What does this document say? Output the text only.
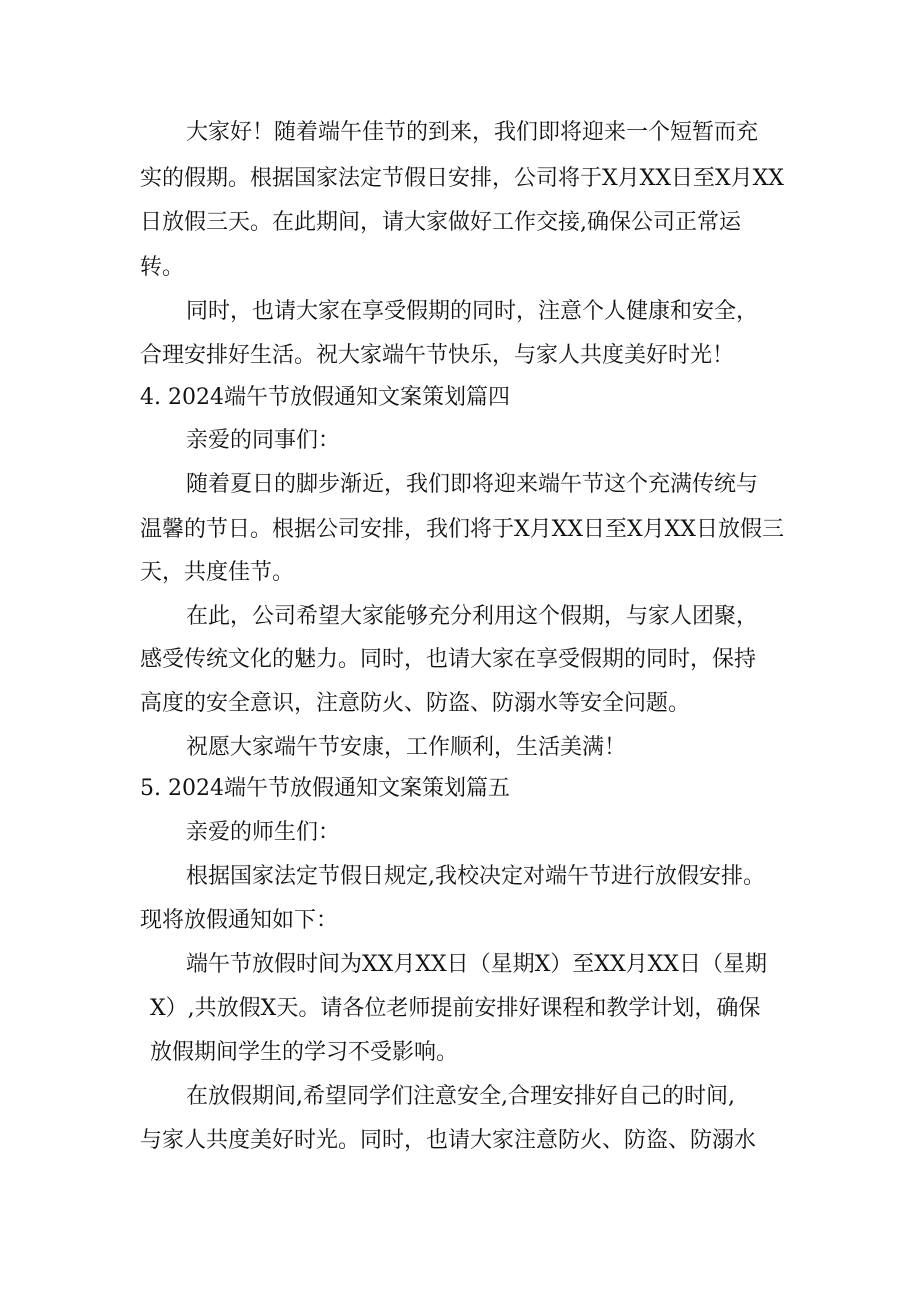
大家好！随着端午佳节的到来，我们即将迎来一个短暂而充
实的假期。根据国家法定节假日安排，公司将于X月XX日至X月XX
日放假三天。在此期间，请大家做好工作交接,确保公司正常运
转。
同时，也请大家在享受假期的同时，注意个人健康和安全，
合理安排好生活。祝大家端午节快乐，与家人共度美好时光！
4. 2024端午节放假通知文案策划篇四
亲爱的同事们：
随着夏日的脚步渐近，我们即将迎来端午节这个充满传统与
温馨的节日。根据公司安排，我们将于X月XX日至X月XX日放假三
天，共度佳节。
在此，公司希望大家能够充分利用这个假期，与家人团聚，
感受传统文化的魅力。同时，也请大家在享受假期的同时，保持
高度的安全意识，注意防火、防盗、防溺水等安全问题。
祝愿大家端午节安康，工作顺利，生活美满！
5. 2024端午节放假通知文案策划篇五
亲爱的师生们：
根据国家法定节假日规定,我校决定对端午节进行放假安排。
现将放假通知如下：
端午节放假时间为XX月XX日（星期X）至XX月XX日（星期
X）,共放假X天。请各位老师提前安排好课程和教学计划，确保
放假期间学生的学习不受影响。
在放假期间,希望同学们注意安全,合理安排好自己的时间,
与家人共度美好时光。同时，也请大家注意防火、防盗、防溺水
